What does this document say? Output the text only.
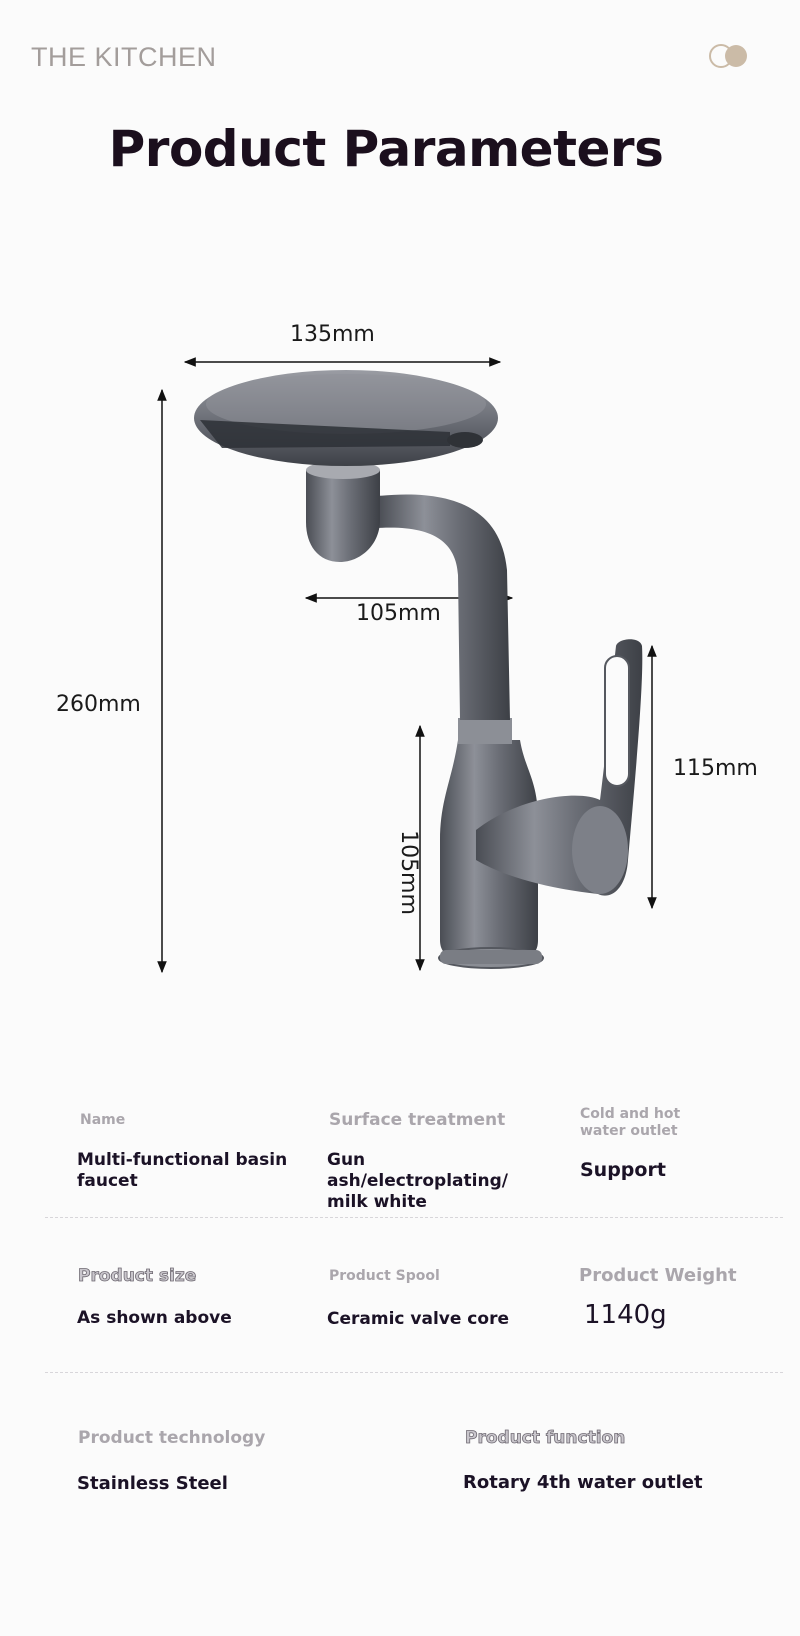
THE KITCHEN
Product Parameters
135mm
105mm
260mm
105mm
115mm
Name
Multi-functional basin faucet
Surface treatment
Gun ash/electroplating/ milk white
Cold and hot water outlet
Support
Product size
As shown above
Product Spool
Ceramic valve core
Product Weight
1140g
Product technology
Stainless Steel
Product function
Rotary 4th water outlet
